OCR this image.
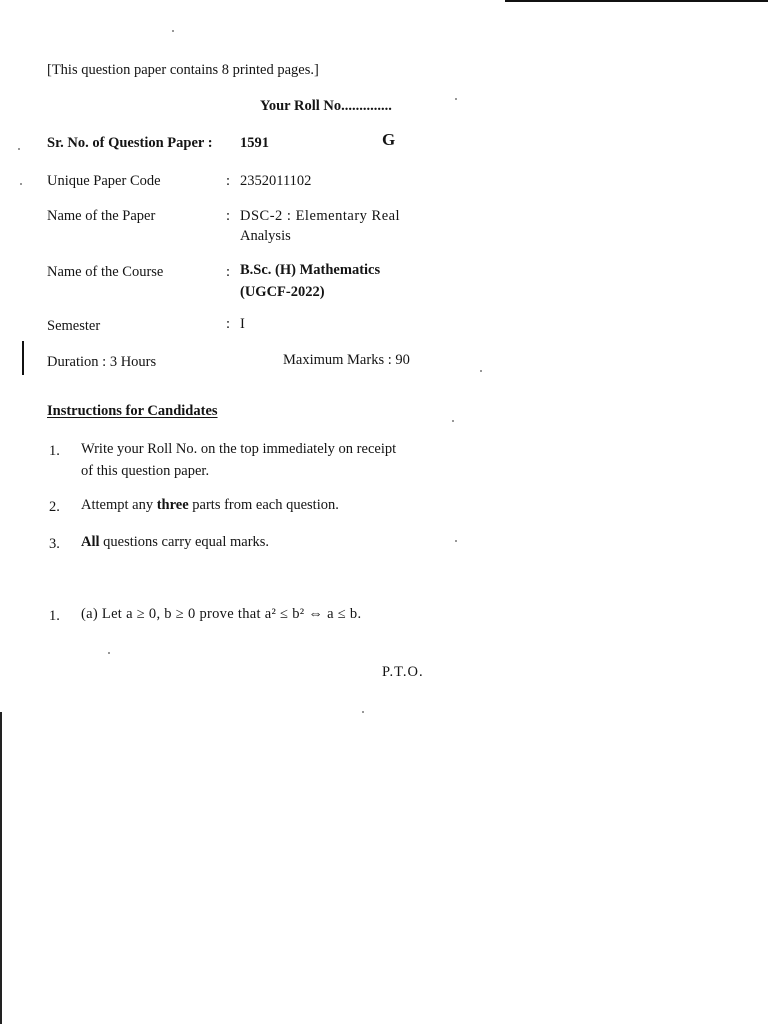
[This question paper contains 8 printed pages.]
Your Roll No..............
Sr. No. of Question Paper : 1591	G
Unique Paper Code	: 2352011102
Name of the Paper	: DSC-2 : Elementary Real
Analysis
Name of the Course	: B.Sc. (H) Mathematics
(UGCF-2022)
Semester	: I
Duration : 3 Hours	Maximum Marks : 90
Instructions for Candidates
1. Write your Roll No. on the top immediately on receipt
of this question paper.
2. Attempt any three parts from each question.
3. All questions carry equal marks.
1. (a) Let a ≥ 0, b ≥ 0 prove that a² ≤ b² ⇔ a ≤ b.
P.T.O.
